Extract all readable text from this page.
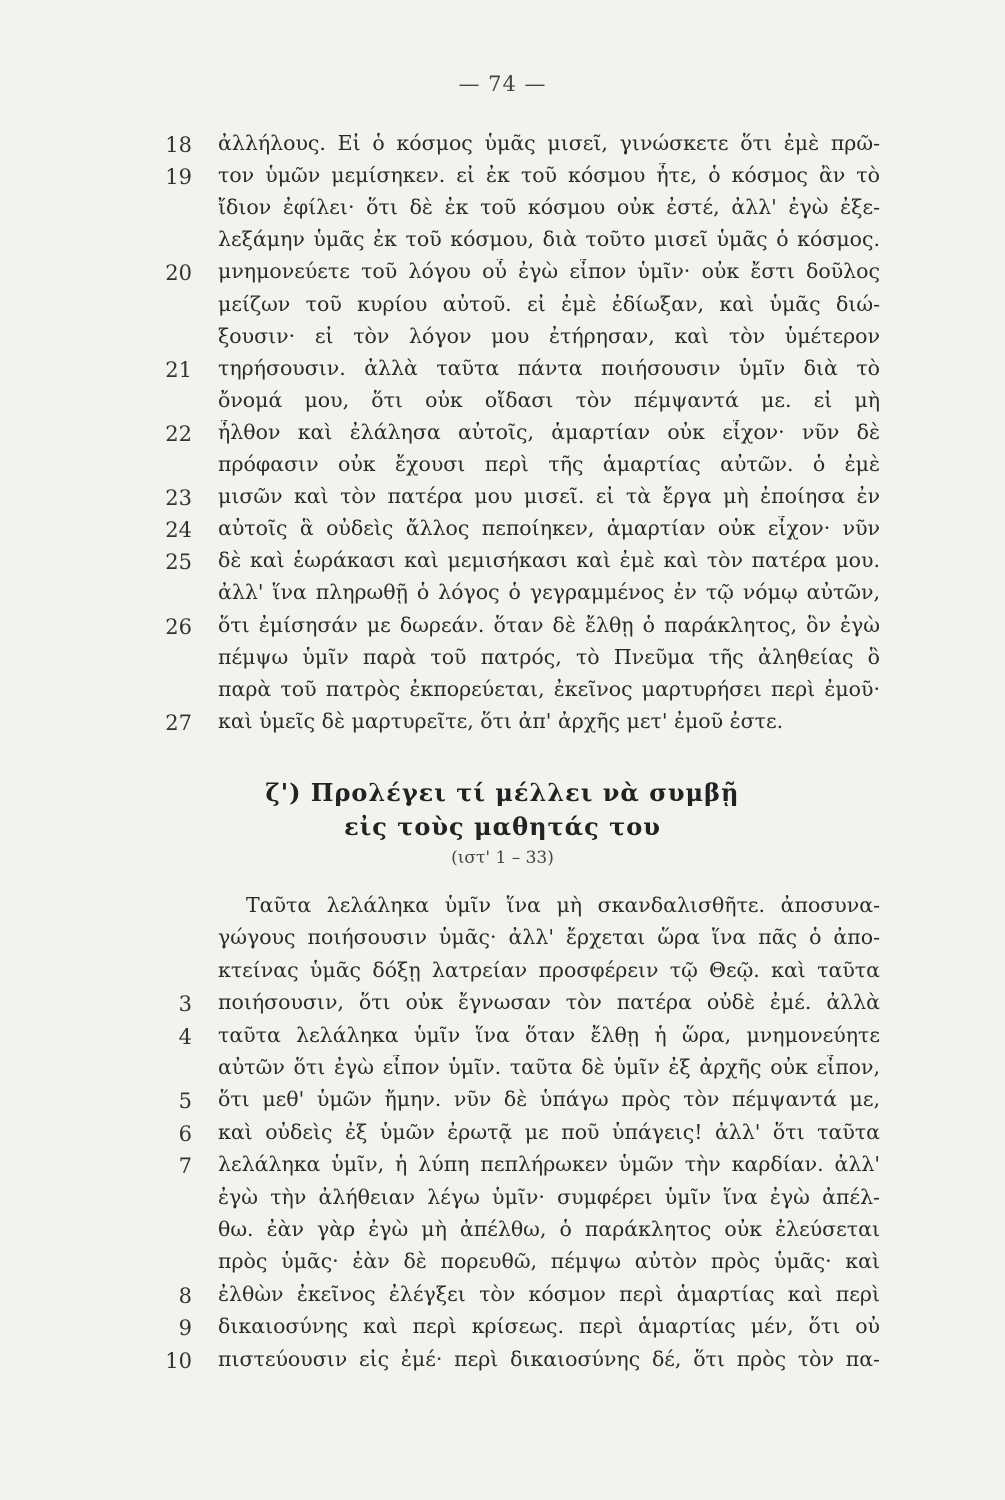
— 74 —
18 ἀλλήλους. Εἰ ὁ κόσμος ὑμᾶς μισεῖ, γινώσκετε ὅτι ἐμὲ πρῶ-
19 τον ὑμῶν μεμίσηκεν. εἰ ἐκ τοῦ κόσμου ἦτε, ὁ κόσμος ἂν τὸ
ἴδιον ἐφίλει· ὅτι δὲ ἐκ τοῦ κόσμου οὐκ ἐστέ, ἀλλ' ἐγὼ ἐξε-
λεξάμην ὑμᾶς ἐκ τοῦ κόσμου, διὰ τοῦτο μισεῖ ὑμᾶς ὁ κόσμος.
20 μνημονεύετε τοῦ λόγου οὗ ἐγὼ εἶπον ὑμῖν· οὐκ ἔστι δοῦλος
μείζων τοῦ κυρίου αὐτοῦ. εἰ ἐμὲ ἐδίωξαν, καὶ ὑμᾶς διώ-
ξουσιν· εἰ τὸν λόγον μου ἐτήρησαν, καὶ τὸν ὑμέτερον
21 τηρήσουσιν. ἀλλὰ ταῦτα πάντα ποιήσουσιν ὑμῖν διὰ τὸ
ὄνομά μου, ὅτι οὐκ οἴδασι τὸν πέμψαντά με. εἰ μὴ
22 ἦλθον καὶ ἐλάλησα αὐτοῖς, ἁμαρτίαν οὐκ εἶχον· νῦν δὲ
πρόφασιν οὐκ ἔχουσι περὶ τῆς ἁμαρτίας αὐτῶν. ὁ ἐμὲ
23 μισῶν καὶ τὸν πατέρα μου μισεῖ. εἰ τὰ ἔργα μὴ ἐποίησα ἐν
24 αὐτοῖς ἃ οὐδεὶς ἄλλος πεποίηκεν, ἁμαρτίαν οὐκ εἶχον· νῦν
25 δὲ καὶ ἑωράκασι καὶ μεμισήκασι καὶ ἐμὲ καὶ τὸν πατέρα μου.
ἀλλ' ἵνα πληρωθῇ ὁ λόγος ὁ γεγραμμένος ἐν τῷ νόμῳ αὐτῶν,
26 ὅτι ἐμίσησάν με δωρεάν. ὅταν δὲ ἔλθῃ ὁ παράκλητος, ὃν ἐγὼ
πέμψω ὑμῖν παρὰ τοῦ πατρός, τὸ Πνεῦμα τῆς ἀληθείας ὃ
παρὰ τοῦ πατρὸς ἐκπορεύεται, ἐκεῖνος μαρτυρήσει περὶ ἐμοῦ·
27 καὶ ὑμεῖς δὲ μαρτυρεῖτε, ὅτι ἀπ' ἀρχῆς μετ' ἐμοῦ ἐστε.
ζ') Προλέγει τί μέλλει νὰ συμβῇ
εἰς τοὺς μαθητάς του
(ιστ' 1 – 33)
Ταῦτα λελάληκα ὑμῖν ἵνα μὴ σκανδαλισθῆτε. ἀποσυνα-
γώγους ποιήσουσιν ὑμᾶς· ἀλλ' ἔρχεται ὥρα ἵνα πᾶς ὁ ἀπο-
κτείνας ὑμᾶς δόξῃ λατρείαν προσφέρειν τῷ Θεῷ. καὶ ταῦτα
3 ποιήσουσιν, ὅτι οὐκ ἔγνωσαν τὸν πατέρα οὐδὲ ἐμέ. ἀλλὰ
4 ταῦτα λελάληκα ὑμῖν ἵνα ὅταν ἔλθῃ ἡ ὥρα, μνημονεύητε
αὐτῶν ὅτι ἐγὼ εἶπον ὑμῖν. ταῦτα δὲ ὑμῖν ἐξ ἀρχῆς οὐκ εἶπον,
5 ὅτι μεθ' ὑμῶν ἤμην. νῦν δὲ ὑπάγω πρὸς τὸν πέμψαντά με,
6 καὶ οὐδεὶς ἐξ ὑμῶν ἐρωτᾷ με ποῦ ὑπάγεις! ἀλλ' ὅτι ταῦτα
7 λελάληκα ὑμῖν, ἡ λύπη πεπλήρωκεν ὑμῶν τὴν καρδίαν. ἀλλ'
ἐγὼ τὴν ἀλήθειαν λέγω ὑμῖν· συμφέρει ὑμῖν ἵνα ἐγὼ ἀπέλ-
θω. ἐὰν γὰρ ἐγὼ μὴ ἀπέλθω, ὁ παράκλητος οὐκ ἐλεύσεται
πρὸς ὑμᾶς· ἐὰν δὲ πορευθῶ, πέμψω αὐτὸν πρὸς ὑμᾶς· καὶ
8 ἐλθὼν ἐκεῖνος ἐλέγξει τὸν κόσμον περὶ ἁμαρτίας καὶ περὶ
9 δικαιοσύνης καὶ περὶ κρίσεως. περὶ ἁμαρτίας μέν, ὅτι οὐ
10 πιστεύουσιν εἰς ἐμέ· περὶ δικαιοσύνης δέ, ὅτι πρὸς τὸν πα-
